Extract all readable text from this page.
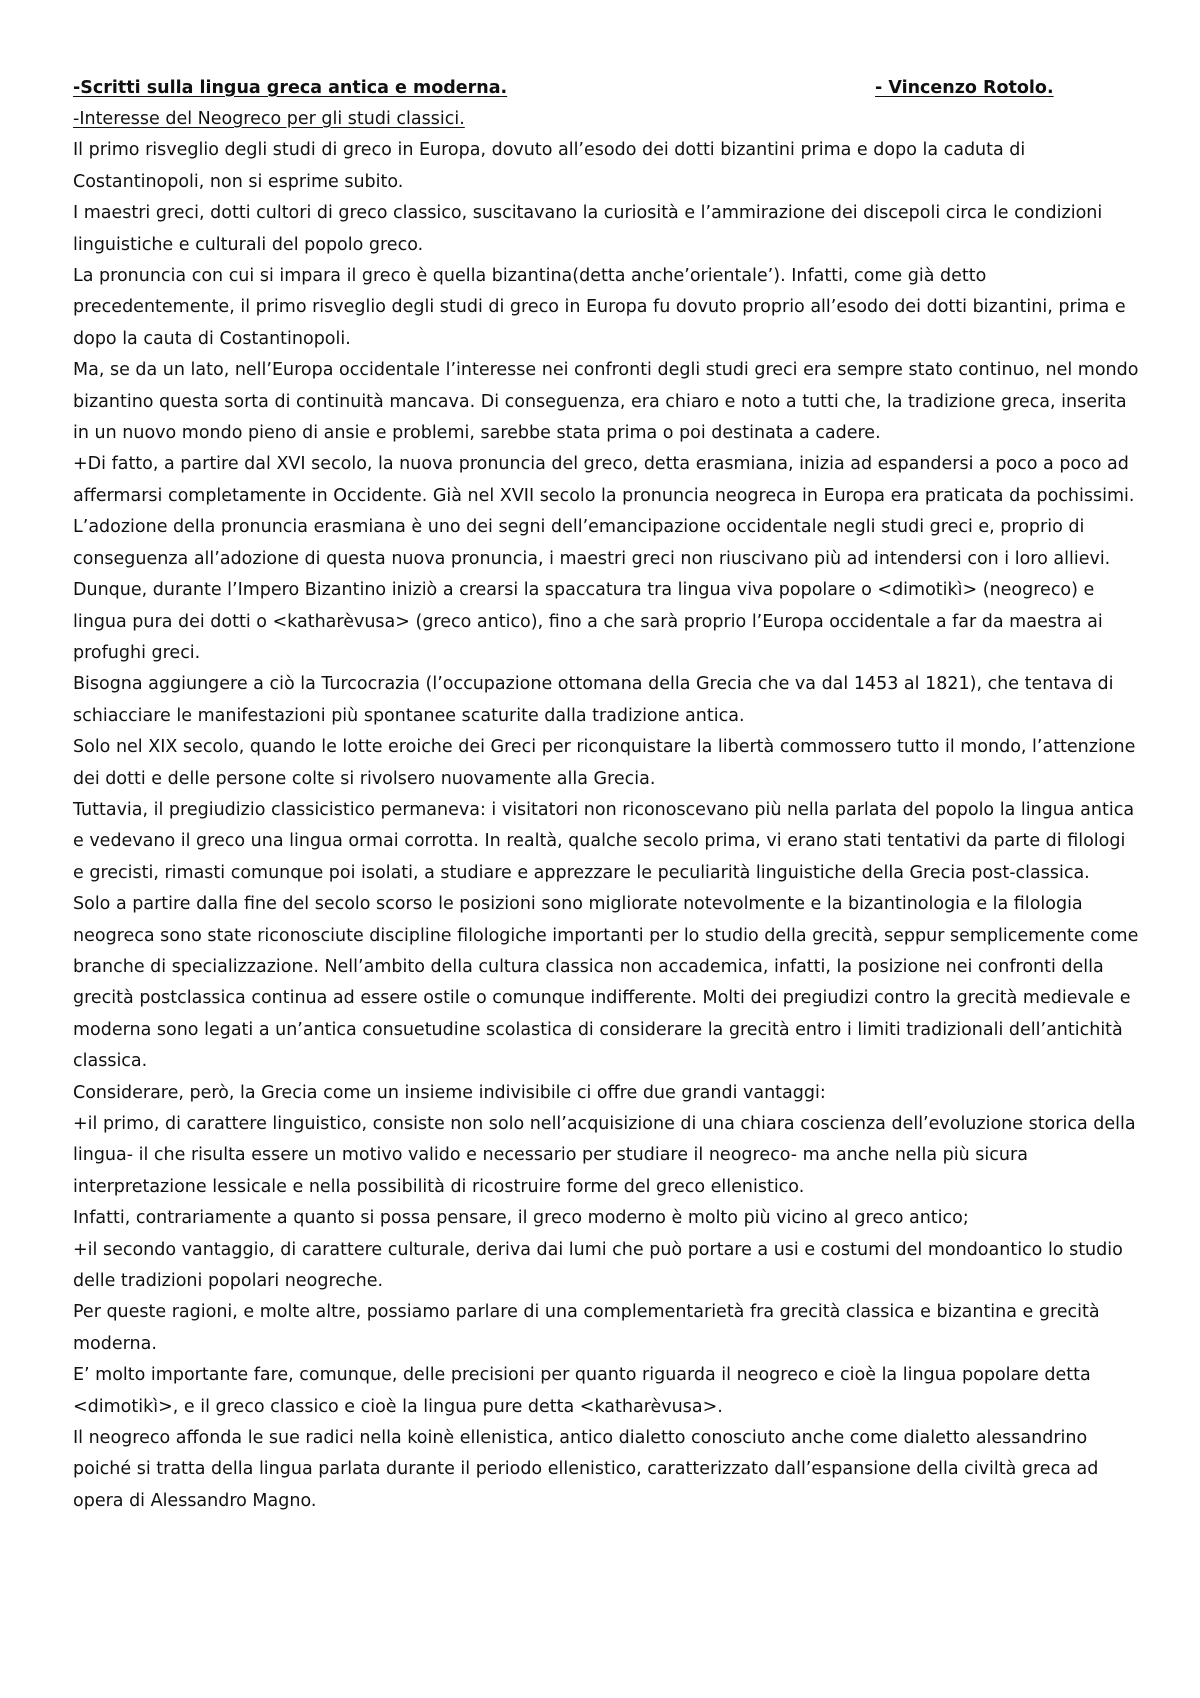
-Scritti sulla lingua greca antica e moderna.	- Vincenzo Rotolo.
-Interesse del Neogreco per gli studi classici.

Il primo risveglio degli studi di greco in Europa, dovuto all’esodo dei dotti bizantini prima e dopo la caduta di Costantinopoli, non si esprime subito.

I maestri greci, dotti cultori di greco classico, suscitavano la curiosità e l’ammirazione dei discepoli circa le condizioni linguistiche e culturali del popolo greco.

La pronuncia con cui si impara il greco è quella bizantina(detta anche’orientale’). Infatti, come già detto precedentemente, il primo risveglio degli studi di greco in Europa fu dovuto proprio all’esodo dei dotti bizantini, prima e dopo la cauta di Costantinopoli.

Ma, se da un lato, nell’Europa occidentale l’interesse nei confronti degli studi greci era sempre stato continuo, nel mondo bizantino questa sorta di continuità mancava. Di conseguenza, era chiaro e noto a tutti che, la tradizione greca, inserita in un nuovo mondo pieno di ansie e problemi, sarebbe stata prima o poi destinata a cadere.

+Di fatto, a partire dal XVI secolo, la nuova pronuncia del greco, detta erasmiana, inizia ad espandersi a poco a poco ad affermarsi completamente in Occidente. Già nel XVII secolo la pronuncia neogreca in Europa era praticata da pochissimi.

L’adozione della pronuncia erasmiana è uno dei segni dell’emancipazione occidentale negli studi greci e, proprio di conseguenza all’adozione di questa nuova pronuncia, i maestri greci non riuscivano più ad intendersi con i loro allievi.

Dunque, durante l’Impero Bizantino iniziò a crearsi la spaccatura tra lingua viva popolare o <dimotikì> (neogreco) e lingua pura dei dotti o <katharèvusa> (greco antico), fino a che sarà proprio l’Europa occidentale a far da maestra ai profughi greci.

Bisogna aggiungere a ciò la Turcocrazia (l’occupazione ottomana della Grecia che va dal 1453 al 1821), che tentava di schiacciare le manifestazioni più spontanee scaturite dalla tradizione antica.

Solo nel XIX secolo, quando le lotte eroiche dei Greci per riconquistare la libertà commossero tutto il mondo, l’attenzione dei dotti e delle persone colte si rivolsero nuovamente alla Grecia.

Tuttavia, il pregiudizio classicistico permaneva: i visitatori non riconoscevano più nella parlata del popolo la lingua antica e vedevano il greco una lingua ormai corrotta. In realtà, qualche secolo prima, vi erano stati tentativi da parte di filologi e grecisti, rimasti comunque poi isolati, a studiare e apprezzare le peculiarità linguistiche della Grecia post-classica.

Solo a partire dalla fine del secolo scorso le posizioni sono migliorate notevolmente e la bizantinologia e la filologia neogreca sono state riconosciute discipline filologiche importanti per lo studio della grecità, seppur semplicemente come branche di specializzazione. Nell’ambito della cultura classica non accademica, infatti, la posizione nei confronti della grecità postclassica continua ad essere ostile o comunque indifferente. Molti dei pregiudizi contro la grecità medievale e moderna sono legati a un’antica consuetudine scolastica di considerare la grecità entro i limiti tradizionali dell’antichità classica.

Considerare, però, la Grecia come un insieme indivisibile ci offre due grandi vantaggi:

+il primo, di carattere linguistico, consiste non solo nell’acquisizione di una chiara coscienza dell’evoluzione storica della lingua- il che risulta essere un motivo valido e necessario per studiare il neogreco- ma anche nella più sicura interpretazione lessicale e nella possibilità di ricostruire forme del greco ellenistico.

Infatti, contrariamente a quanto si possa pensare, il greco moderno è molto più vicino al greco antico;

+il secondo vantaggio, di carattere culturale, deriva dai lumi che può portare a usi e costumi del mondoantico lo studio delle tradizioni popolari neogreche.

Per queste ragioni, e molte altre, possiamo parlare di una complementarietà fra grecità classica e bizantina e grecità moderna.

E’ molto importante fare, comunque, delle precisioni per quanto riguarda il neogreco e cioè la lingua popolare detta <dimotikì>, e il greco classico e cioè la lingua pure detta <katharèvusa>.

Il neogreco affonda le sue radici nella koinè ellenistica, antico dialetto conosciuto anche come dialetto alessandrino poiché si tratta della lingua parlata durante il periodo ellenistico, caratterizzato dall’espansione della civiltà greca ad opera di Alessandro Magno.
